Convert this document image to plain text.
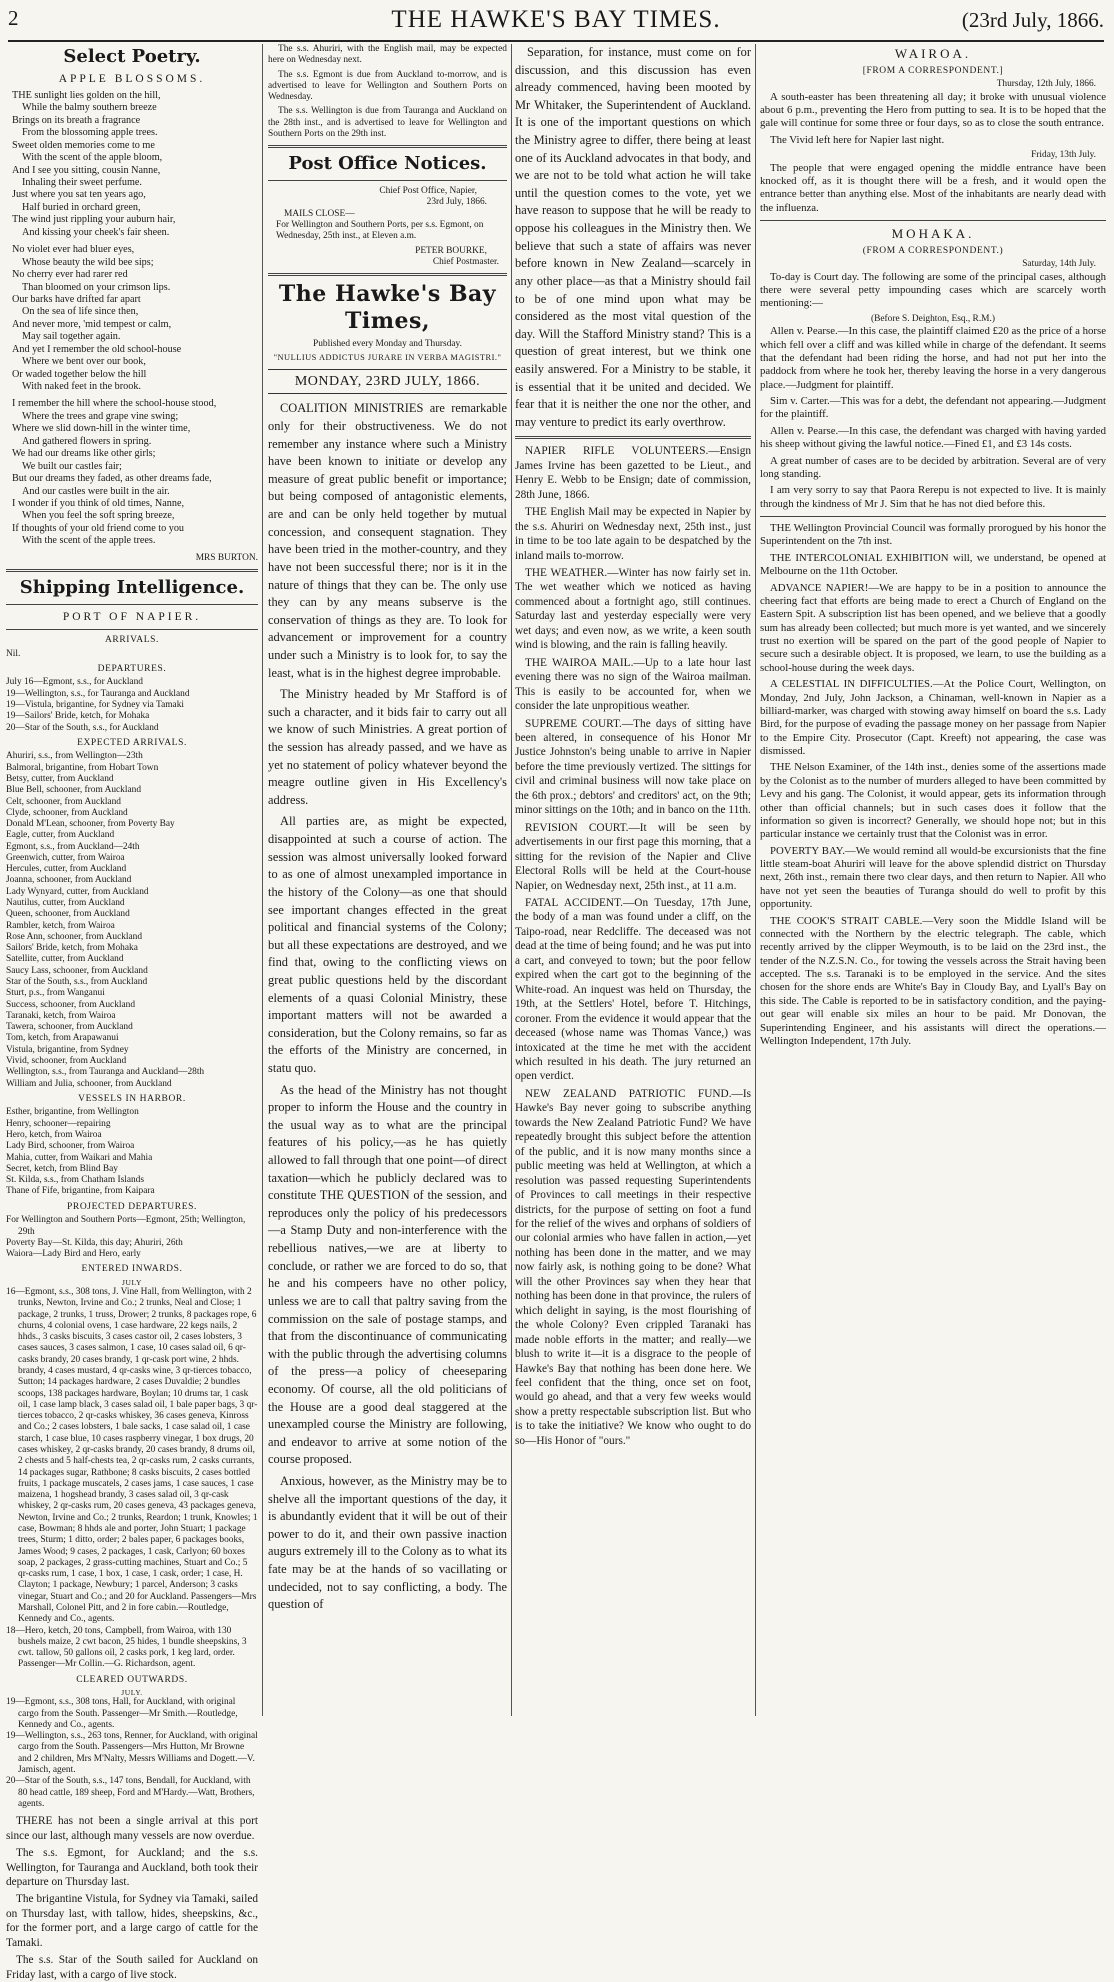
2	THE HAWKE'S BAY TIMES.	(23rd July, 1866.
Select Poetry.
APPLE BLOSSOMS.
THE sunlight lies golden on the hill,
While the balmy southern breeze
Brings on its breath a fragrance
From the blossoming apple trees.
Sweet olden memories come to me
With the scent of the apple bloom,
And I see you sitting, cousin Nanne,
Inhaling their sweet perfume.
Just where you sat ten years ago,
Half buried in orchard green,
The wind just rippling your auburn hair,
And kissing your cheek's fair sheen.
No violet ever had bluer eyes,
Whose beauty the wild bee sips;
No cherry ever had rarer red
Than bloomed on your crimson lips.
Our barks have drifted far apart
On the sea of life since then,
And never more, 'mid tempest or calm,
May sail together again.
And yet I remember the old school-house
Where we bent over our book,
Or waded together below the hill
With naked feet in the brook.
I remember the hill where the school-house stood,
Where the trees and grape vine swing;
Where we slid down-hill in the winter time,
And gathered flowers in spring.
We had our dreams like other girls;
We built our castles fair;
But our dreams they faded, as other dreams fade,
And our castles were built in the air.
I wonder if you think of old times, Nanne,
When you feel the soft spring breeze,
If thoughts of your old friend come to you
With the scent of the apple trees.
MRS BURTON.
Shipping Intelligence.
PORT OF NAPIER.
ARRIVALS.
Nil.
DEPARTURES.
July 16—Egmont, s.s., for Auckland
19—Wellington, s.s., for Tauranga and Auckland
19—Vistula, brigantine, for Sydney via Tamaki
19—Sailors' Bride, ketch, for Mohaka
20—Star of the South, s.s., for Auckland
EXPECTED ARRIVALS.
Ahuriri, s.s., from Wellington—23th
Balmoral, brigantine, from Hobart Town
Betsy, cutter, from Auckland
Blue Bell, schooner, from Auckland
Celt, schooner, from Auckland
Clyde, schooner, from Auckland
Donald M'Lean, schooner, from Poverty Bay
Eagle, cutter, from Auckland
Egmont, s.s., from Auckland—24th
Greenwich, cutter, from Wairoa
Hercules, cutter, from Auckland
Joanna, schooner, from Auckland
Lady Wynyard, cutter, from Auckland
Nautilus, cutter, from Auckland
Queen, schooner, from Auckland
Rambler, ketch, from Wairoa
Rose Ann, schooner, from Auckland
Sailors' Bride, ketch, from Mohaka
Satellite, cutter, from Auckland
Saucy Lass, schooner, from Auckland
Star of the South, s.s., from Auckland
Sturt, p.s., from Wanganui
Success, schooner, from Auckland
Taranaki, ketch, from Wairoa
Tawera, schooner, from Auckland
Tom, ketch, from Arapawanui
Vistula, brigantine, from Sydney
Vivid, schooner, from Auckland
Wellington, s.s., from Tauranga and Auckland—28th
William and Julia, schooner, from Auckland
VESSELS IN HARBOR.
Esther, brigantine, from Wellington
Henry, schooner—repairing
Hero, ketch, from Wairoa
Lady Bird, schooner, from Wairoa
Mahia, cutter, from Waikari and Mahia
Secret, ketch, from Blind Bay
St. Kilda, s.s., from Chatham Islands
Thane of Fife, brigantine, from Kaipara
PROJECTED DEPARTURES.
For Wellington and Southern Ports—Egmont, 25th; Wellington, 29th
Poverty Bay—St. Kilda, this day; Ahuriri, 26th
Waiora—Lady Bird and Hero, early
ENTERED INWARDS.
JULY
16—Egmont, s.s., 308 tons, J. Vine Hall, from Wellington, with 2 trunks, Newton, Irvine and Co.; 2 trunks, Neal and Close; 1 package, 2 trunks, 1 truss, Drower; 2 trunks, 8 packages rope, 6 churns, 4 colonial ovens, 1 case hardware, 22 kegs nails, 2 hhds., 3 casks biscuits, 3 cases castor oil, 2 cases lobsters, 3 cases sauces, 3 cases salmon, 1 case, 10 cases salad oil, 6 qr-casks brandy, 20 cases brandy, 1 qr-cask port wine, 2 hhds. brandy, 4 cases mustard, 4 qr-casks wine, 3 qr-tierces tobacco, Sutton; 14 packages hardware, 2 cases Duvaldie; 2 bundles scoops, 138 packages hardware, Boylan; 10 drums tar, 1 cask oil, 1 case lamp black, 3 cases salad oil, 1 bale paper bags, 3 qr-tierces tobacco, 2 qr-casks whiskey, 36 cases geneva, Kinross and Co.; 2 cases lobsters, 1 bale sacks, 1 case salad oil, 1 case starch, 1 case blue, 10 cases raspberry vinegar, 1 box drugs, 20 cases whiskey, 2 qr-casks brandy, 20 cases brandy, 8 drums oil, 2 chests and 5 half-chests tea, 2 qr-casks rum, 2 casks currants, 14 packages sugar, Rathbone; 8 casks biscuits, 2 cases bottled fruits, 1 package muscatels, 2 cases jams, 1 case sauces, 1 case maizena, 1 hogshead brandy, 3 cases salad oil, 3 qr-cask whiskey, 2 qr-casks rum, 20 cases geneva, 43 packages geneva, Newton, Irvine and Co.; 2 trunks, Reardon; 1 trunk, Knowles; 1 case, Bowman; 8 hhds ale and porter, John Stuart; 1 package trees, Sturm; 1 ditto, order; 2 bales paper, 6 packages books, James Wood; 9 cases, 2 packages, 1 cask, Carlyon; 60 boxes soap, 2 packages, 2 grass-cutting machines, Stuart and Co.; 5 qr-casks rum, 1 case, 1 box, 1 case, 1 cask, order; 1 case, H. Clayton; 1 package, Newbury; 1 parcel, Anderson; 3 casks vinegar, Stuart and Co.; and 20 for Auckland. Passengers—Mrs Marshall, Colonel Pitt, and 2 in fore cabin.—Routledge, Kennedy and Co., agents.
18—Hero, ketch, 20 tons, Campbell, from Wairoa, with 130 bushels maize, 2 cwt bacon, 25 hides, 1 bundle sheepskins, 3 cwt. tallow, 50 gallons oil, 2 casks pork, 1 keg lard, order. Passenger—Mr Collin.—G. Richardson, agent.
CLEARED OUTWARDS.
JULY.
19—Egmont, s.s., 308 tons, Hall, for Auckland, with original cargo from the South. Passenger—Mr Smith.—Routledge, Kennedy and Co., agents.
19—Wellington, s.s., 263 tons, Renner, for Auckland, with original cargo from the South. Passengers—Mrs Hutton, Mr Browne and 2 children, Mrs M'Nalty, Messrs Williams and Dogett.—V. Jamisch, agent.
20—Star of the South, s.s., 147 tons, Bendall, for Auckland, with 80 head cattle, 189 sheep, Ford and M'Hardy.—Watt, Brothers, agents.

THERE has not been a single arrival at this port since our last, although many vessels are now overdue.

The s.s. Egmont, for Auckland; and the s.s. Wellington, for Tauranga and Auckland, both took their departure on Thursday last.

The brigantine Vistula, for Sydney via Tamaki, sailed on Thursday last, with tallow, hides, sheepskins, &c., for the former port, and a large cargo of cattle for the Tamaki.

The s.s. Star of the South sailed for Auckland on Friday last, with a cargo of live stock.

The s.s. Ahuriri, with the English mail, may be expected here on Wednesday next.

The s.s. Egmont is due from Auckland to-morrow, and is advertised to leave for Wellington and Southern Ports on Wednesday.

The s.s. Wellington is due from Tauranga and Auckland on the 28th inst., and is advertised to leave for Wellington and Southern Ports on the 29th inst.

Post Office Notices.
Chief Post Office, Napier,
23rd July, 1866.
MAILS CLOSE—
For Wellington and Southern Ports, per s.s. Egmont, on Wednesday, 25th inst., at Eleven a.m.
PETER BOURKE,
Chief Postmaster.
The Hawke's Bay Times,
Published every Monday and Thursday.
"NULLIUS ADDICTUS JURARE IN VERBA MAGISTRI."
MONDAY, 23RD JULY, 1866.

COALITION MINISTRIES are remarkable only for their obstructiveness. We do not remember any instance where such a Ministry have been known to initiate or develop any measure of great public benefit or importance; but being composed of antagonistic elements, are and can be only held together by mutual concession, and consequent stagnation. They have been tried in the mother-country, and they have not been successful there; nor is it in the nature of things that they can be. The only use they can by any means subserve is the conservation of things as they are. To look for advancement or improvement for a country under such a Ministry is to look for, to say the least, what is in the highest degree improbable.

The Ministry headed by Mr Stafford is of such a character, and it bids fair to carry out all we know of such Ministries. A great portion of the session has already passed, and we have as yet no statement of policy whatever beyond the meagre outline given in His Excellency's address.

All parties are, as might be expected, disappointed at such a course of action. The session was almost universally looked forward to as one of almost unexampled importance in the history of the Colony—as one that should see important changes effected in the great political and financial systems of the Colony; but all these expectations are destroyed, and we find that, owing to the conflicting views on great public questions held by the discordant elements of a quasi Colonial Ministry, these important matters will not be awarded a consideration, but the Colony remains, so far as the efforts of the Ministry are concerned, in statu quo.

As the head of the Ministry has not thought proper to inform the House and the country in the usual way as to what are the principal features of his policy,—as he has quietly allowed to fall through that one point—of direct taxation—which he publicly declared was to constitute THE QUESTION of the session, and reproduces only the policy of his predecessors—a Stamp Duty and non-interference with the rebellious natives,—we are at liberty to conclude, or rather we are forced to do so, that he and his compeers have no other policy, unless we are to call that paltry saving from the commission on the sale of postage stamps, and that from the discontinuance of communicating with the public through the advertising columns of the press—a policy of cheeseparing economy. Of course, all the old politicians of the House are a good deal staggered at the unexampled course the Ministry are following, and endeavor to arrive at some notion of the course proposed.

Anxious, however, as the Ministry may be to shelve all the important questions of the day, it is abundantly evident that it will be out of their power to do it, and their own passive inaction augurs extremely ill to the Colony as to what its fate may be at the hands of so vacillating or undecided, not to say conflicting, a body. The question of

Separation, for instance, must come on for discussion, and this discussion has even already commenced, having been mooted by Mr Whitaker, the Superintendent of Auckland. It is one of the important questions on which the Ministry agree to differ, there being at least one of its Auckland advocates in that body, and we are not to be told what action he will take until the question comes to the vote, yet we have reason to suppose that he will be ready to oppose his colleagues in the Ministry then. We believe that such a state of affairs was never before known in New Zealand—scarcely in any other place—as that a Ministry should fail to be of one mind upon what may be considered as the most vital question of the day. Will the Stafford Ministry stand? This is a question of great interest, but we think one easily answered. For a Ministry to be stable, it is essential that it be united and decided. We fear that it is neither the one nor the other, and may venture to predict its early overthrow.

NAPIER RIFLE VOLUNTEERS.—Ensign James Irvine has been gazetted to be Lieut., and Henry E. Webb to be Ensign; date of commission, 28th June, 1866.

THE English Mail may be expected in Napier by the s.s. Ahuriri on Wednesday next, 25th inst., just in time to be too late again to be despatched by the inland mails to-morrow.

THE WEATHER.—Winter has now fairly set in. The wet weather which we noticed as having commenced about a fortnight ago, still continues. Saturday last and yesterday especially were very wet days; and even now, as we write, a keen south wind is blowing, and the rain is falling heavily.

THE WAIROA MAIL.—Up to a late hour last evening there was no sign of the Wairoa mailman. This is easily to be accounted for, when we consider the late unpropitious weather.

SUPREME COURT.—The days of sitting have been altered, in consequence of his Honor Mr Justice Johnston's being unable to arrive in Napier before the time previously vertized. The sittings for civil and criminal business will now take place on the 6th prox.; debtors' and creditors' act, on the 9th; minor sittings on the 10th; and in banco on the 11th.

REVISION COURT.—It will be seen by advertisements in our first page this morning, that a sitting for the revision of the Napier and Clive Electoral Rolls will be held at the Court-house Napier, on Wednesday next, 25th inst., at 11 a.m.

FATAL ACCIDENT.—On Tuesday, 17th June, the body of a man was found under a cliff, on the Taipo-road, near Redcliffe. The deceased was not dead at the time of being found; and he was put into a cart, and conveyed to town; but the poor fellow expired when the cart got to the beginning of the White-road. An inquest was held on Thursday, the 19th, at the Settlers' Hotel, before T. Hitchings, coroner. From the evidence it would appear that the deceased (whose name was Thomas Vance,) was intoxicated at the time he met with the accident which resulted in his death. The jury returned an open verdict.

NEW ZEALAND PATRIOTIC FUND.—Is Hawke's Bay never going to subscribe anything towards the New Zealand Patriotic Fund? We have repeatedly brought this subject before the attention of the public, and it is now many months since a public meeting was held at Wellington, at which a resolution was passed requesting Superintendents of Provinces to call meetings in their respective districts, for the purpose of setting on foot a fund for the relief of the wives and orphans of soldiers of our colonial armies who have fallen in action,—yet nothing has been done in the matter, and we may now fairly ask, is nothing going to be done? What will the other Provinces say when they hear that nothing has been done in that province, the rulers of which delight in saying, is the most flourishing of the whole Colony? Even crippled Taranaki has made noble efforts in the matter; and really—we blush to write it—it is a disgrace to the people of Hawke's Bay that nothing has been done here. We feel confident that the thing, once set on foot, would go ahead, and that a very few weeks would show a pretty respectable subscription list. But who is to take the initiative? We know who ought to do so—His Honor of "ours."

WAIROA.
[FROM A CORRESPONDENT.]
Thursday, 12th July, 1866.

A south-easter has been threatening all day; it broke with unusual violence about 6 p.m., preventing the Hero from putting to sea. It is to be hoped that the gale will continue for some three or four days, so as to close the south entrance.

The Vivid left here for Napier last night.

Friday, 13th July.

The people that were engaged opening the middle entrance have been knocked off, as it is thought there will be a fresh, and it would open the entrance better than anything else. Most of the inhabitants are nearly dead with the influenza.

MOHAKA.
(FROM A CORRESPONDENT.)
Saturday, 14th July.

To-day is Court day. The following are some of the principal cases, although there were several petty impounding cases which are scarcely worth mentioning:—

(Before S. Deighton, Esq., R.M.)

Allen v. Pearse.—In this case, the plaintiff claimed £20 as the price of a horse which fell over a cliff and was killed while in charge of the defendant. It seems that the defendant had been riding the horse, and had not put her into the paddock from where he took her, thereby leaving the horse in a very dangerous place.—Judgment for plaintiff.

Sim v. Carter.—This was for a debt, the defendant not appearing.—Judgment for the plaintiff.

Allen v. Pearse.—In this case, the defendant was charged with having yarded his sheep without giving the lawful notice.—Fined £1, and £3 14s costs.

A great number of cases are to be decided by arbitration. Several are of very long standing.

I am very sorry to say that Paora Rerepu is not expected to live. It is mainly through the kindness of Mr J. Sim that he has not died before this.

THE Wellington Provincial Council was formally prorogued by his honor the Superintendent on the 7th inst.

THE INTERCOLONIAL EXHIBITION will, we understand, be opened at Melbourne on the 11th October.

ADVANCE NAPIER!—We are happy to be in a position to announce the cheering fact that efforts are being made to erect a Church of England on the Eastern Spit. A subscription list has been opened, and we believe that a goodly sum has already been collected; but much more is yet wanted, and we sincerely trust no exertion will be spared on the part of the good people of Napier to secure such a desirable object. It is proposed, we learn, to use the building as a school-house during the week days.

A CELESTIAL IN DIFFICULTIES.—At the Police Court, Wellington, on Monday, 2nd July, John Jackson, a Chinaman, well-known in Napier as a billiard-marker, was charged with stowing away himself on board the s.s. Lady Bird, for the purpose of evading the passage money on her passage from Napier to the Empire City. Prosecutor (Capt. Kreeft) not appearing, the case was dismissed.

THE Nelson Examiner, of the 14th inst., denies some of the assertions made by the Colonist as to the number of murders alleged to have been committed by Levy and his gang. The Colonist, it would appear, gets its information through other than official channels; but in such cases does it follow that the information so given is incorrect? Generally, we should hope not; but in this particular instance we certainly trust that the Colonist was in error.

POVERTY BAY.—We would remind all would-be excursionists that the fine little steam-boat Ahuriri will leave for the above splendid district on Thursday next, 26th inst., remain there two clear days, and then return to Napier. All who have not yet seen the beauties of Turanga should do well to profit by this opportunity.

THE COOK'S STRAIT CABLE.—Very soon the Middle Island will be connected with the Northern by the electric telegraph. The cable, which recently arrived by the clipper Weymouth, is to be laid on the 23rd inst., the tender of the N.Z.S.N. Co., for towing the vessels across the Strait having been accepted. The s.s. Taranaki is to be employed in the service. And the sites chosen for the shore ends are White's Bay in Cloudy Bay, and Lyall's Bay on this side. The Cable is reported to be in satisfactory condition, and the paying-out gear will enable six miles an hour to be paid. Mr Donovan, the Superintending Engineer, and his assistants will direct the operations.—Wellington Independent, 17th July.
